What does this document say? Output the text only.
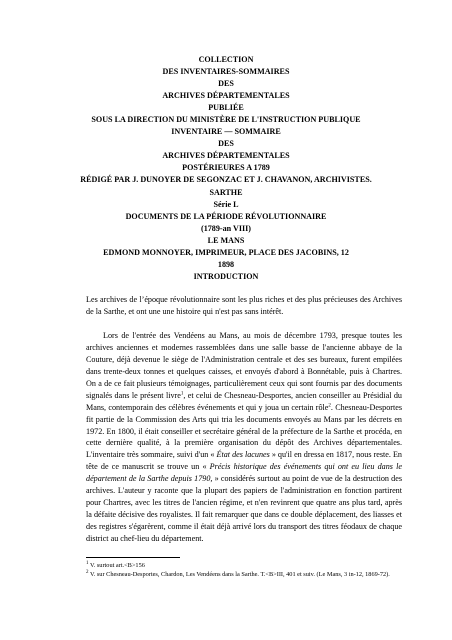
COLLECTION
DES INVENTAIRES-SOMMAIRES
DES
ARCHIVES DÉPARTEMENTALES
PUBLIÉE
SOUS LA DIRECTION DU MINISTÈRE DE L'INSTRUCTION PUBLIQUE
INVENTAIRE — SOMMAIRE
DES
ARCHIVES DÉPARTEMENTALES
POSTÉRIEURES A 1789
RÉDIGÉ PAR J. DUNOYER DE SEGONZAC ET J. CHAVANON, ARCHIVISTES.
SARTHE
Série L
DOCUMENTS DE LA PÉRIODE RÉVOLUTIONNAIRE
(1789-an VIII)
LE MANS
EDMOND MONNOYER, IMPRIMEUR, PLACE DES JACOBINS, 12
1898
INTRODUCTION

Les archives de l’époque révolutionnaire sont les plus riches et des plus précieuses des Archives de la Sarthe, et ont une une histoire qui n'est pas sans intérêt.

Lors de l'entrée des Vendéens au Mans, au mois de décembre 1793, presque toutes les archives anciennes et modernes rassemblées dans une salle basse de l'ancienne abbaye de la Couture, déjà devenue le siège de l'Administration centrale et des ses bureaux, furent empilées dans trente-deux tonnes et quelques caisses, et envoyés d'abord à Bonnétable, puis à Chartres. On a de ce fait plusieurs témoignages, particulièrement ceux qui sont fournis par des documents signalés dans le présent livre$^1$, et celui de Chesneau-Desportes, ancien conseiller au Présidial du Mans, contemporain des célèbres événements et qui y joua un certain rôle$^2$. Chesneau-Desportes fit partie de la Commission des Arts qui tria les documents envoyés au Mans par les décrets en 1972. En 1800, il était conseiller et secrétaire général de la préfecture de la Sarthe et procéda, en cette dernière qualité, à la première organisation du dépôt des Archives départementales. L'inventaire très sommaire, suivi d'un « État des lacunes » qu'il en dressa en 1817, nous reste. En tête de ce manuscrit se trouve un « Précis historique des événements qui ont eu lieu dans le département de la Sarthe depuis 1790, » considérés surtout au point de vue de la destruction des archives. L'auteur y raconte que la plupart des papiers de l'administration en fonction partirent pour Chartres, avec les titres de l'ancien régime, et n'en revinrent que quatre ans plus tard, après la défaite décisive des royalistes. Il fait remarquer que dans ce double déplacement, des liasses et des registres s'égarèrent, comme il était déjà arrivé lors du transport des titres féodaux de chaque district au chef-lieu du département.

$^1$ V. surtout art.<B>156

$^2$ V. sur Chesneau-Desportes, Chardon, Les Vendéens dans la Sarthe. T.<B>III, 401 et suiv. (Le Mans, 3 in-12, 1869-72).
